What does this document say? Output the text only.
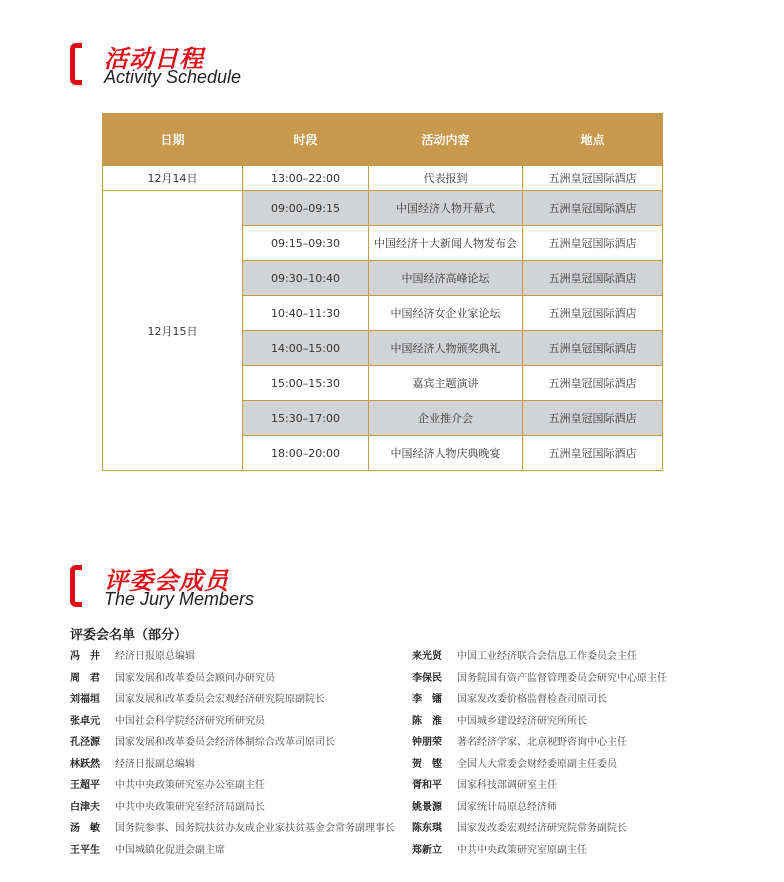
活动日程
Activity Schedule
日期	时段	活动内容	地点
12月14日	13:00–22:00	代表报到	五洲皇冠国际酒店
12月15日	09:00–09:15	中国经济人物开幕式	五洲皇冠国际酒店
	09:15–09:30	中国经济十大新闻人物发布会	五洲皇冠国际酒店
	09:30–10:40	中国经济高峰论坛	五洲皇冠国际酒店
	10:40–11:30	中国经济女企业家论坛	五洲皇冠国际酒店
	14:00–15:00	中国经济人物颁奖典礼	五洲皇冠国际酒店
	15:00–15:30	嘉宾主题演讲	五洲皇冠国际酒店
	15:30–17:00	企业推介会	五洲皇冠国际酒店
	18:00–20:00	中国经济人物庆典晚宴	五洲皇冠国际酒店
评委会成员
The Jury Members
评委会名单（部分）
冯　井 经济日报原总编辑
周　君 国家发展和改革委员会顾问办研究员
刘福垣 国家发展和改革委员会宏观经济研究院原副院长
张卓元 中国社会科学院经济研究所研究员
孔泾源 国家发展和改革委员会经济体制综合改革司原司长
林跃然 经济日报副总编辑
王超平 中共中央政策研究室办公室副主任
白津夫 中共中央政策研究室经济局副局长
汤　敏 国务院参事、国务院扶贫办友成企业家扶贫基金会常务副理事长
王平生 中国城镇化促进会副主席
来光贤 中国工业经济联合会信息工作委员会主任
李保民 国务院国有资产监督管理委员会研究中心原主任
李　镭 国家发改委价格监督检查司原司长
陈　淮 中国城乡建设经济研究所所长
钟朋荣 著名经济学家、北京视野咨询中心主任
贺　铿 全国人大常委会财经委原副主任委员
胥和平 国家科技部调研室主任
姚景源 国家统计局原总经济师
陈东琪 国家发改委宏观经济研究院常务副院长
郑新立 中共中央政策研究室原副主任
